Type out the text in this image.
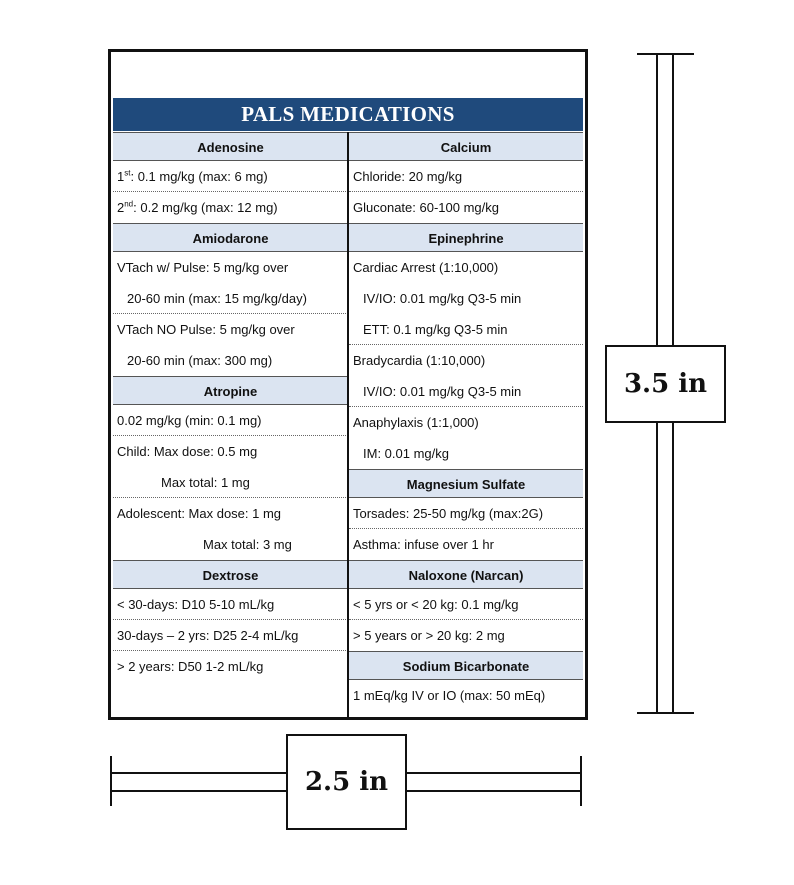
PALS MEDICATIONS
Adenosine
1st: 0.1 mg/kg (max: 6 mg)
2nd: 0.2 mg/kg (max: 12 mg)
Amiodarone
VTach w/ Pulse: 5 mg/kg over
20-60 min (max: 15 mg/kg/day)
VTach NO Pulse: 5 mg/kg over
20-60 min (max: 300 mg)
Atropine
0.02 mg/kg (min: 0.1 mg)
Child: Max dose: 0.5 mg
Max total: 1 mg
Adolescent: Max dose: 1 mg
Max total: 3 mg
Dextrose
< 30-days: D10 5-10 mL/kg
30-days – 2 yrs: D25 2-4 mL/kg
> 2 years: D50 1-2 mL/kg
Calcium
Chloride: 20 mg/kg
Gluconate: 60-100 mg/kg
Epinephrine
Cardiac Arrest (1:10,000)
IV/IO: 0.01 mg/kg Q3-5 min
ETT: 0.1 mg/kg Q3-5 min
Bradycardia (1:10,000)
IV/IO: 0.01 mg/kg Q3-5 min
Anaphylaxis (1:1,000)
IM: 0.01 mg/kg
Magnesium Sulfate
Torsades: 25-50 mg/kg (max:2G)
Asthma: infuse over 1 hr
Naloxone (Narcan)
< 5 yrs or < 20 kg: 0.1 mg/kg
> 5 years or > 20 kg: 2 mg
Sodium Bicarbonate
1 mEq/kg IV or IO (max: 50 mEq)
3.5 in
2.5 in
